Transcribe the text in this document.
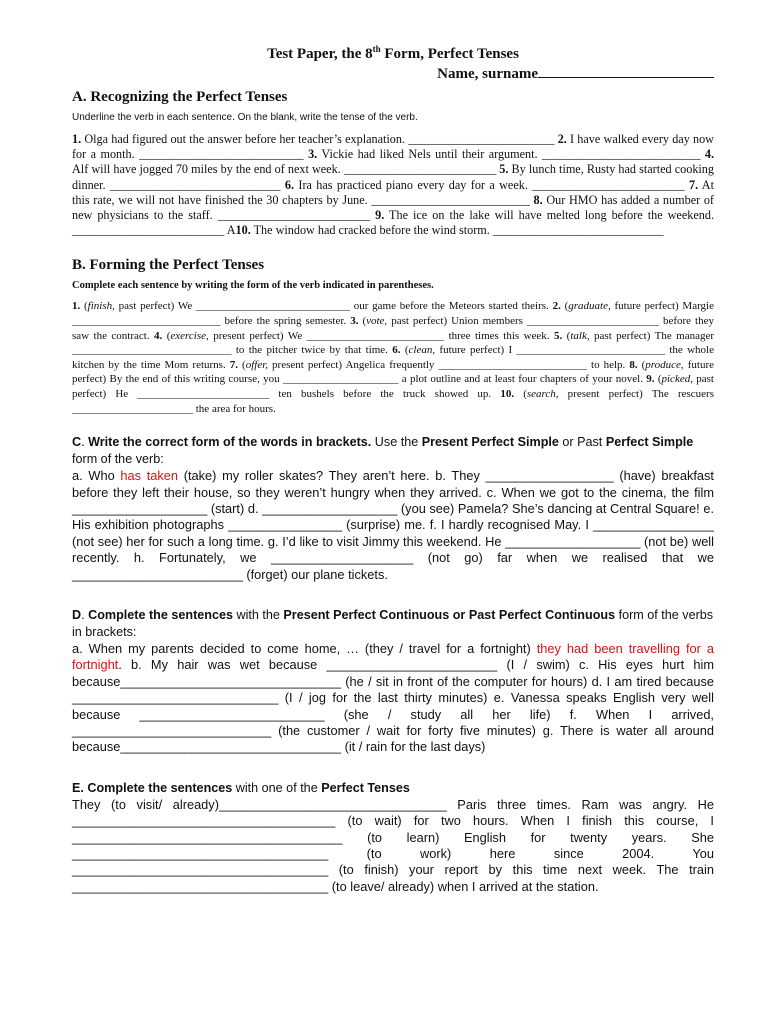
Test Paper, the 8th Form, Perfect Tenses

Name, surname

A. Recognizing the Perfect Tenses
Underline the verb in each sentence. On the blank, write the tense of the verb.

1. Olga had figured out the answer before her teacher’s explanation. ________________________ 2. I have walked every day now for a month. ___________________________ 3. Vickie had liked Nels until their argument. __________________________ 4. Alf will have jogged 70 miles by the end of next week. _________________________ 5. By lunch time, Rusty had started cooking dinner. ____________________________ 6. Ira has practiced piano every day for a week. _________________________ 7. At this rate, we will not have finished the 30 chapters by June. __________________________ 8. Our HMO has added a number of new physicians to the staff. _________________________ 9. The ice on the lake will have melted long before the weekend. _________________________ A10. The window had cracked before the wind storm. ____________________________

B. Forming the Perfect Tenses
Complete each sentence by writing the form of the verb indicated in parentheses.

1. (finish, past perfect) We ____________________________ our game before the Meteors started theirs. 2. (graduate, future perfect) Margie ___________________________ before the spring semester. 3. (vote, past perfect) Union members ________________________ before they saw the contract. 4. (exercise, present perfect) We _________________________ three times this week. 5. (talk, past perfect) The manager _____________________________ to the pitcher twice by that time. 6. (clean, future perfect) I ___________________________ the whole kitchen by the time Mom returns. 7. (offer, present perfect) Angelica frequently ___________________________ to help. 8. (produce, future perfect) By the end of this writing course, you _____________________ a plot outline and at least four chapters of your novel. 9. (picked, past perfect) He ________________________ ten bushels before the truck showed up. 10. (search, present perfect) The rescuers ______________________ the area for hours.

C. Write the correct form of the words in brackets. Use the Present Perfect Simple or Past Perfect Simple form of the verb:

a. Who has taken (take) my roller skates? They aren’t here. b. They __________________ (have) breakfast before they left their house, so they weren’t hungry when they arrived. c. When we got to the cinema, the film ___________________ (start) d. ___________________ (you see) Pamela? She’s dancing at Central Square! e. His exhibition photographs ________________ (surprise) me. f. I hardly recognised May. I _________________ (not see) her for such a long time. g. I’d like to visit Jimmy this weekend. He ___________________ (not be) well recently. h. Fortunately, we ____________________ (not go) far when we realised that we ________________________ (forget) our plane tickets.

D. Complete the sentences with the Present Perfect Continuous or Past Perfect Continuous form of the verbs in brackets:

a. When my parents decided to come home, … (they / travel for a fortnight) they had been travelling for a fortnight. b. My hair was wet because ________________________ (I / swim) c. His eyes hurt him because_______________________________ (he / sit in front of the computer for hours) d. I am tired because _____________________________ (I / jog for the last thirty minutes) e. Vanessa speaks English very well because __________________________ (she / study all her life) f. When I arrived, ____________________________ (the customer / wait for forty five minutes) g. There is water all around because_______________________________ (it / rain for the last days)

E. Complete the sentences with one of the Perfect Tenses

They (to visit/ already)________________________________ Paris three times. Ram was angry. He _____________________________________ (to wait) for two hours. When I finish this course, I ______________________________________ (to learn) English for twenty years. She ____________________________________ (to work) here since 2004. You ____________________________________ (to finish) your report by this time next week. The train ____________________________________ (to leave/ already) when I arrived at the station.
